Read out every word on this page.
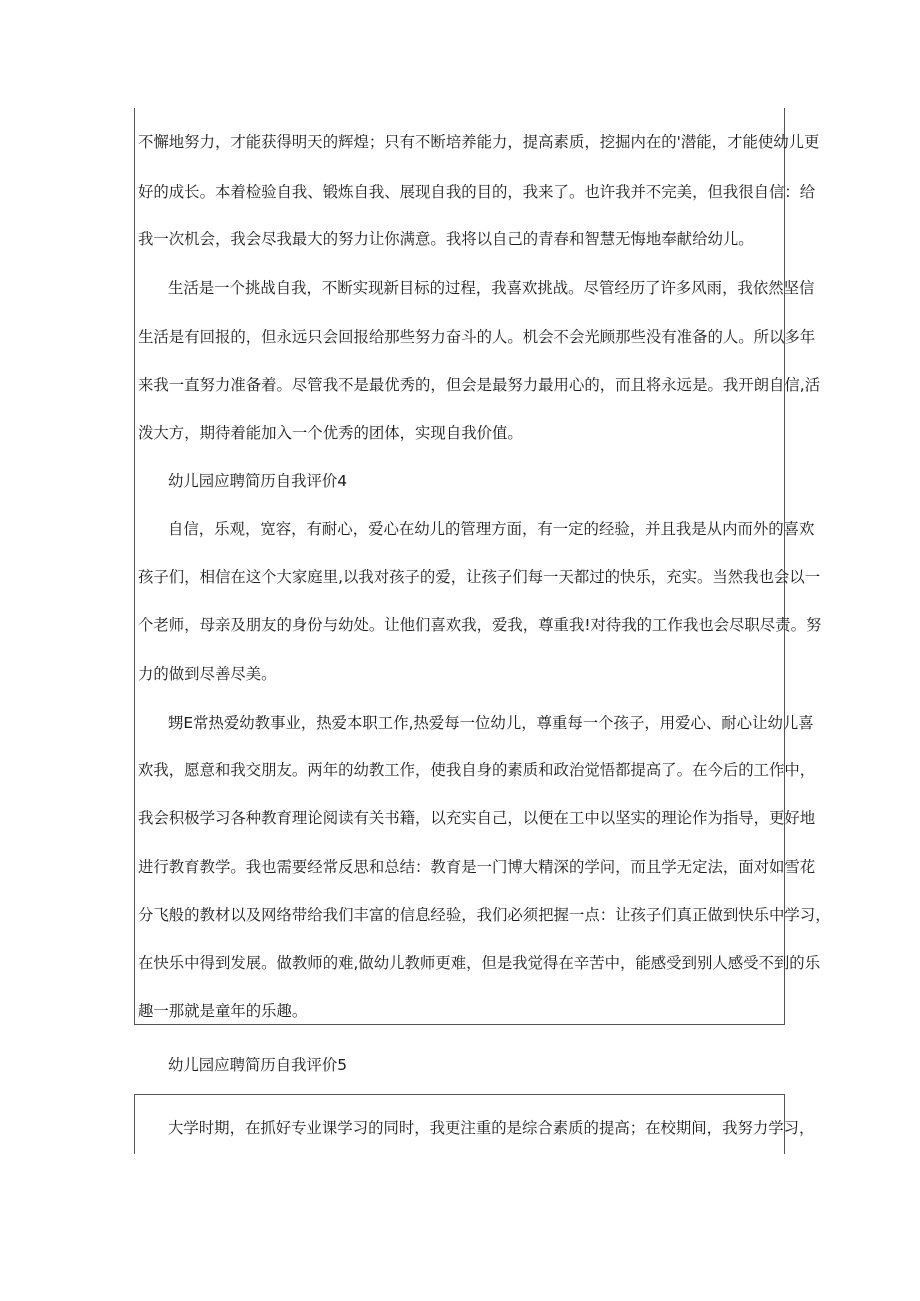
不懈地努力，才能获得明天的辉煌；只有不断培养能力，提高素质，挖掘内在的'潜能，才能使幼儿更
好的成长。本着检验自我、锻炼自我、展现自我的目的，我来了。也许我并不完美，但我很自信：给
我一次机会，我会尽我最大的努力让你满意。我将以自己的青春和智慧无悔地奉献给幼儿。
生活是一个挑战自我，不断实现新目标的过程，我喜欢挑战。尽管经历了许多风雨，我依然坚信
生活是有回报的，但永远只会回报给那些努力奋斗的人。机会不会光顾那些没有准备的人。所以多年
来我一直努力准备着。尽管我不是最优秀的，但会是最努力最用心的，而且将永远是。我开朗自信,活
泼大方，期待着能加入一个优秀的团体，实现自我价值。
幼儿园应聘简历自我评价4
自信，乐观，宽容，有耐心，爱心在幼儿的管理方面，有一定的经验，并且我是从内而外的喜欢
孩子们，相信在这个大家庭里,以我对孩子的爱，让孩子们每一天都过的快乐，充实。当然我也会以一
个老师，母亲及朋友的身份与幼处。让他们喜欢我，爱我，尊重我!对待我的工作我也会尽职尽责。努
力的做到尽善尽美。
甥E常热爱幼教事业，热爱本职工作,热爱每一位幼儿，尊重每一个孩子，用爱心、耐心让幼儿喜
欢我，愿意和我交朋友。两年的幼教工作，使我自身的素质和政治觉悟都提高了。在今后的工作中，
我会积极学习各种教育理论阅读有关书籍，以充实自己，以便在工中以坚实的理论作为指导，更好地
进行教育教学。我也需要经常反思和总结：教育是一门博大精深的学问，而且学无定法，面对如雪花
分飞般的教材以及网络带给我们丰富的信息经验，我们必须把握一点：让孩子们真正做到快乐中学习，
在快乐中得到发展。做教师的难,做幼儿教师更难，但是我觉得在辛苦中，能感受到别人感受不到的乐
趣一那就是童年的乐趣。
幼儿园应聘简历自我评价5
大学时期，在抓好专业课学习的同时，我更注重的是综合素质的提高；在校期间，我努力学习，
